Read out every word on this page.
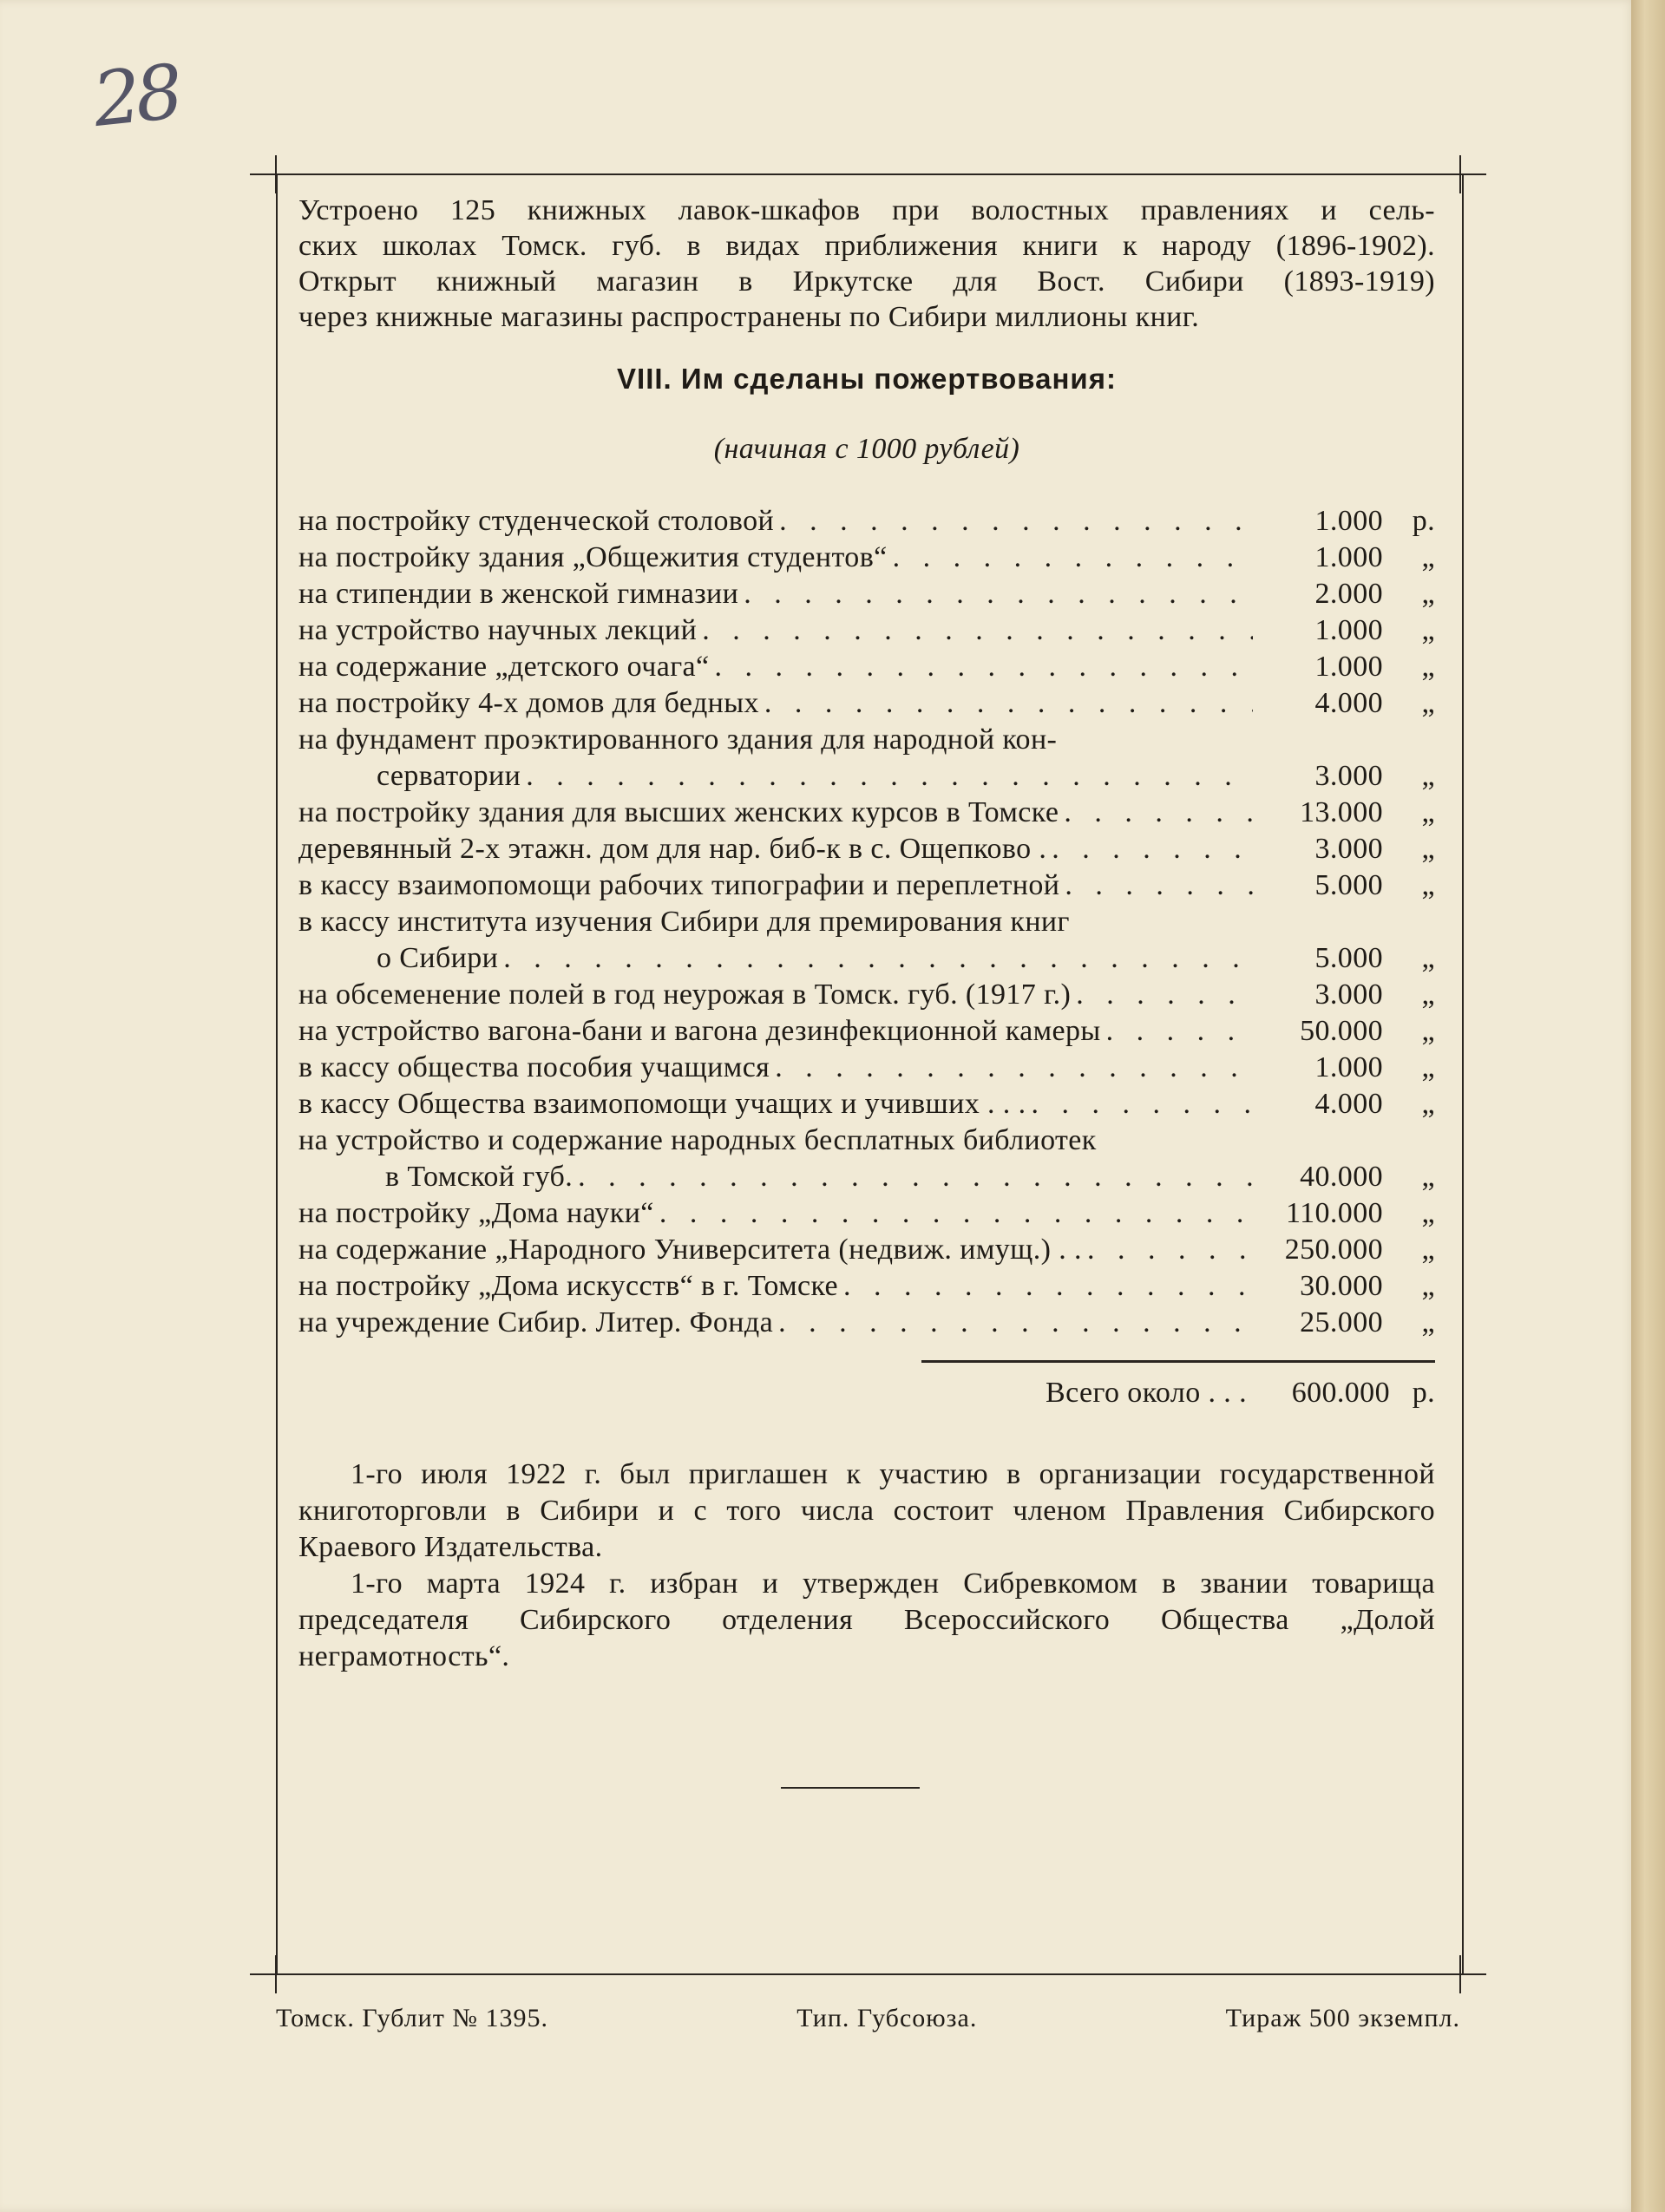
28

Устроено 125 книжных лавок-шкафов при волостных правлениях и сель-

ских школах Томск. губ. в видах приближения книги к народу (1896-1902).

Открыт книжный магазин в Иркутске для Вост. Сибири (1893-1919)

через книжные магазины распространены по Сибири миллионы книг.

VIII. Им сделаны пожертвования:
(начиная с 1000 рублей)
на постройку студенческой столовой . . .	1.000 р.
на постройку здания „Общежития студентов“ . . .	1.000	„
на стипендии в женской гимназии . . .	2.000	„
на устройство научных лекций . . .	1.000	„
на содержание „детского очага“ . . .	1.000	„
на постройку 4-х домов для бедных . . .	4.000	„
на фундамент проэктированного здания для народной кон-
серватории . . .	3.000	„
на постройку здания для высших женских курсов в Томске . . .	13.000	„
деревянный 2-х этажн. дом для нар. биб-к в с. Ощепково . . . .	3.000	„
в кассу взаимопомощи рабочих типографии и переплетной . . .	5.000	„
в кассу института изучения Сибири для премирования книг
о Сибири . . .	5.000	„
на обсеменение полей в год неурожая в Томск. губ. (1917 г.) . . .	3.000	„
на устройство вагона-бани и вагона дезинфекционной камеры . . .	50.000	„
в кассу общества пособия учащимся . . .	1.000	„
в кассу Общества взаимопомощи учащих и учивших . . . . . .	4.000	„
на устройство и содержание народных бесплатных библиотек
в Томской губ. . . .	40.000	„
на постройку „Дома науки“ . . .	110.000	„
на содержание „Народного Университета (недвиж. имущ.) . . . . .	250.000	„
на постройку „Дома искусств“ в г. Томске . . .	30.000	„
на учреждение Сибир. Литер. Фонда . . .	25.000	„
Всего около . . .	600.000 р.

1-го июля 1922 г. был приглашен к участию в организации государственной книготорговли в Сибири и с того числа состоит членом Правления Сибирского Краевого Издательства.

1-го марта 1924 г. избран и утвержден Сибревкомом в звании товарища председателя Сибирского отделения Всероссийского Общества „Долой неграмотность“.

Томск. Гублит № 1395.	Тип. Губсоюза.	Тираж 500 экземпл.
